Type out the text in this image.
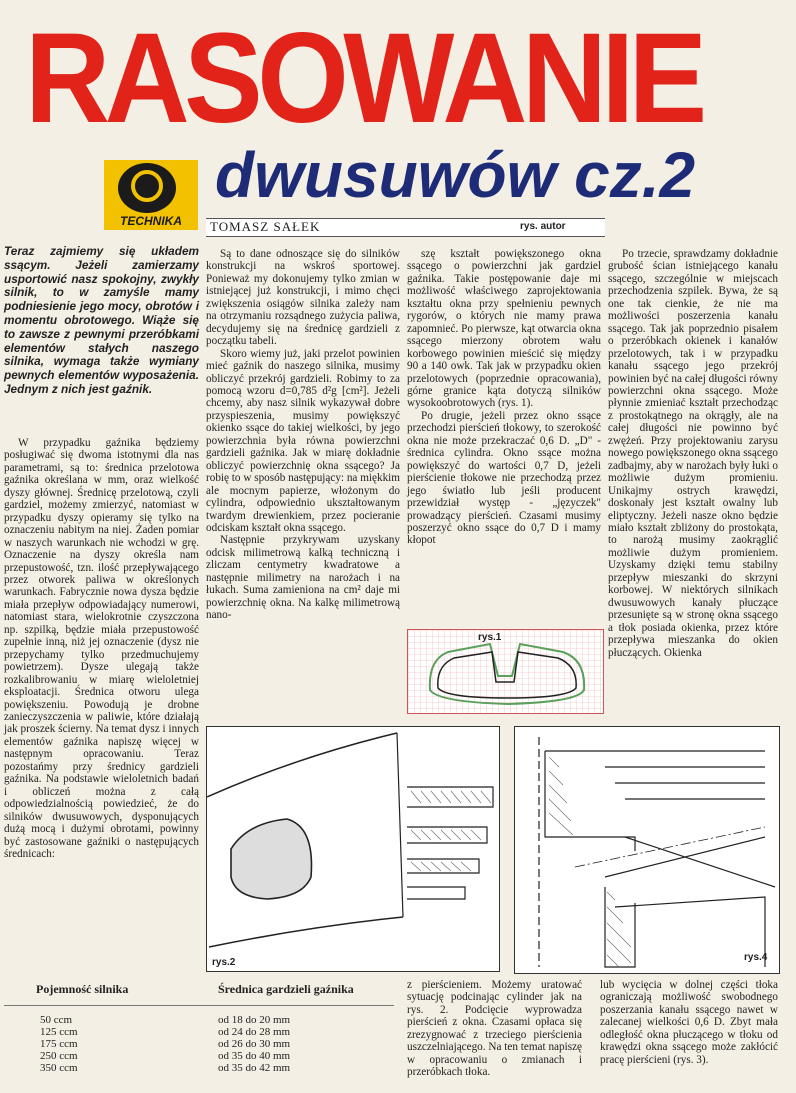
RASOWANIE
dwusuwów cz.2
TECHNIKA	TOMASZ SAŁEK	rys. autor
Teraz zajmiemy się układem ssącym. Jeżeli zamierzamy usportowić nasz spokojny, zwykły silnik, to w zamyśle mamy podniesienie jego mocy, obrotów i momentu obrotowego. Wiąże się to zawsze z pewnymi przeróbkami elementów stałych naszego silnika, wymaga także wymiany pewnych elementów wyposażenia. Jednym z nich jest gaźnik.

W przypadku gaźnika będziemy posługiwać się dwoma istotnymi dla nas parametrami, są to: średnica przelotowa gaźnika określana w mm, oraz wielkość dyszy głównej. Średnicę przelotową, czyli gardziel, możemy zmierzyć, natomiast w przypadku dyszy opieramy się tylko na oznaczeniu nabitym na niej. Żaden pomiar w naszych warunkach nie wchodzi w grę. Oznaczenie na dyszy określa nam przepustowość, tzn. ilość przepływającego przez otworek paliwa w określonych warunkach. Fabrycznie nowa dysza będzie miała przepływ odpowiadający numerowi, natomiast stara, wielokrotnie czyszczona np. szpilką, będzie miała przepustowość zupełnie inną, niż jej oznaczenie (dysz nie przepychamy tylko przedmuchujemy powietrzem). Dysze ulegają także rozkalibrowaniu w miarę wieloletniej eksploatacji. Średnica otworu ulega powiększeniu. Powodują je drobne zanieczyszczenia w paliwie, które działają jak proszek ścierny. Na temat dysz i innych elementów gaźnika napiszę więcej w następnym opracowaniu. Teraz pozostańmy przy średnicy gardzieli gaźnika. Na podstawie wieloletnich badań i obliczeń można z całą odpowiedzialnością powiedzieć, że do silników dwusuwowych, dysponujących dużą mocą i dużymi obrotami, powinny być zastosowane gaźniki o następujących średnicach:

Są to dane odnoszące się do silników konstrukcji na wskroś sportowej. Ponieważ my dokonujemy tylko zmian w istniejącej już konstrukcji, i mimo chęci zwiększenia osiągów silnika zależy nam na otrzymaniu rozsądnego zużycia paliwa, decydujemy się na średnicę gardzieli z początku tabeli.

Skoro wiemy już, jaki przelot powinien mieć gaźnik do naszego silnika, musimy obliczyć przekrój gardzieli. Robimy to za pomocą wzoru d=0,785 d²g [cm²]. Jeżeli chcemy, aby nasz silnik wykazywał dobre przyspieszenia, musimy powiększyć okienko ssące do takiej wielkości, by jego powierzchnia była równa powierzchni gardzieli gaźnika. Jak w miarę dokładnie obliczyć powierzchnię okna ssącego? Ja robię to w sposób następujący: na miękkim ale mocnym papierze, włożonym do cylindra, odpowiednio ukształtowanym twardym drewienkiem, przez pocieranie odciskam kształt okna ssącego.

Następnie przykrywam uzyskany odcisk milimetrową kalką techniczną i zliczam centymetry kwadratowe a następnie milimetry na narożach i na łukach. Suma zamieniona na cm² daje mi powierzchnię okna. Na kalkę milimetrową nano-

szę kształt powiększonego okna ssącego o powierzchni jak gardziel gaźnika. Takie postępowanie daje mi możliwość właściwego zaprojektowania kształtu okna przy spełnieniu pewnych rygorów, o których nie mamy prawa zapomnieć. Po pierwsze, kąt otwarcia okna ssącego mierzony obrotem wału korbowego powinien mieścić się między 90 a 140 owk. Tak jak w przypadku okien przelotowych (poprzednie opracowania), górne granice kąta dotyczą silników wysokoobrotowych (rys. 1).

Po drugie, jeżeli przez okno ssące przechodzi pierścień tłokowy, to szerokość okna nie może przekraczać 0,6 D. „D" - średnica cylindra. Okno ssące można powiększyć do wartości 0,7 D, jeżeli pierścienie tłokowe nie przechodzą przez jego światło lub jeśli producent przewidział występ - „języczek" prowadzący pierścień. Czasami musimy poszerzyć okno ssące do 0,7 D i mamy kłopot

Po trzecie, sprawdzamy dokładnie grubość ścian istniejącego kanału ssącego, szczególnie w miejscach przechodzenia szpilek. Bywa, że są one tak cienkie, że nie ma możliwości poszerzenia kanału ssącego. Tak jak poprzednio pisałem o przeróbkach okienek i kanałów przelotowych, tak i w przypadku kanału ssącego jego przekrój powinien być na całej długości równy powierzchni okna ssącego. Może płynnie zmieniać kształt przechodząc z prostokątnego na okrągły, ale na całej długości nie powinno być zwężeń. Przy projektowaniu zarysu nowego powiększonego okna ssącego zadbajmy, aby w narożach były łuki o możliwie dużym promieniu. Unikajmy ostrych krawędzi, doskonały jest kształt owalny lub eliptyczny. Jeżeli nasze okno będzie miało kształt zbliżony do prostokąta, to narożą musimy zaokrąglić możliwie dużym promieniem. Uzyskamy dzięki temu stabilny przepływ mieszanki do skrzyni korbowej. W niektórych silnikach dwusuwowych kanały płuczące przesunięte są w stronę okna ssącego a tłok posiada okienka, przez które przepływa mieszanka do okien płuczących. Okienka

rys.1
rys.2	rys.4
Pojemność silnika	Średnica gardzieli gaźnika

50 ccm	od 18 do 20 mm
125 ccm	od 24 do 28 mm
175 ccm	od 26 do 30 mm
250 ccm	od 35 do 40 mm
350 ccm	od 35 do 42 mm

z pierścieniem. Możemy uratować sytuację podcinając cylinder jak na rys. 2. Podcięcie wyprowadza pierścień z okna. Czasami opłaca się zrezygnować z trzeciego pierścienia uszczelniającego. Na ten temat napiszę w opracowaniu o zmianach i przeróbkach tłoka.

lub wycięcia w dolnej części tłoka ograniczają możliwość swobodnego poszerzania kanału ssącego nawet w zalecanej wielkości 0,6 D. Zbyt mała odległość okna płuczącego w tłoku od krawędzi okna ssącego może zakłócić pracę pierścieni (rys. 3).
